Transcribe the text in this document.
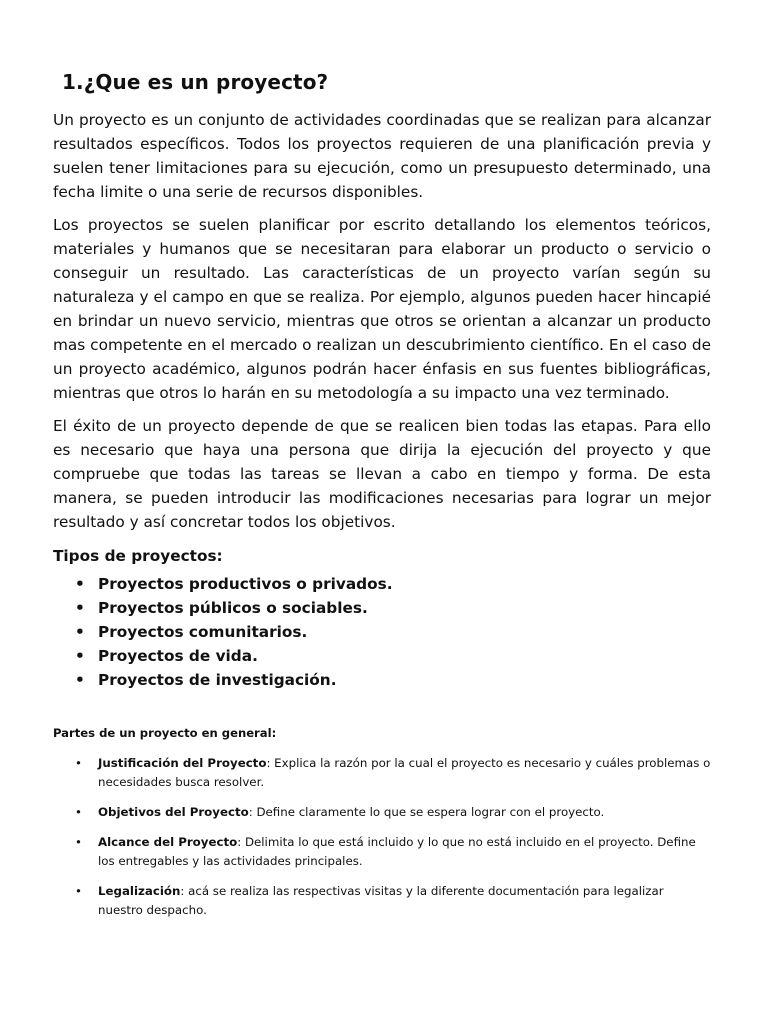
1.¿Que es un proyecto?

Un proyecto es un conjunto de actividades coordinadas que se realizan para alcanzar resultados específicos. Todos los proyectos requieren de una planificación previa y suelen tener limitaciones para su ejecución, como un presupuesto determinado, una fecha limite o una serie de recursos disponibles.

Los proyectos se suelen planificar por escrito detallando los elementos teóricos, materiales y humanos que se necesitaran para elaborar un producto o servicio o conseguir un resultado. Las características de un proyecto varían según su naturaleza y el campo en que se realiza. Por ejemplo, algunos pueden hacer hincapié en brindar un nuevo servicio, mientras que otros se orientan a alcanzar un producto mas competente en el mercado o realizan un descubrimiento científico. En el caso de un proyecto académico, algunos podrán hacer énfasis en sus fuentes bibliográficas, mientras que otros lo harán en su metodología a su impacto una vez terminado.

El éxito de un proyecto depende de que se realicen bien todas las etapas. Para ello es necesario que haya una persona que dirija la ejecución del proyecto y que compruebe que todas las tareas se llevan a cabo en tiempo y forma. De esta manera, se pueden introducir las modificaciones necesarias para lograr un mejor resultado y así concretar todos los objetivos.

Tipos de proyectos:
• Proyectos productivos o privados.
• Proyectos públicos o sociables.
• Proyectos comunitarios.
• Proyectos de vida.
• Proyectos de investigación.
Partes de un proyecto en general:
• Justificación del Proyecto: Explica la razón por la cual el proyecto es necesario y cuáles problemas o necesidades busca resolver.
• Objetivos del Proyecto: Define claramente lo que se espera lograr con el proyecto.
• Alcance del Proyecto: Delimita lo que está incluido y lo que no está incluido en el proyecto. Define los entregables y las actividades principales.
• Legalización: acá se realiza las respectivas visitas y la diferente documentación para legalizar nuestro despacho.
